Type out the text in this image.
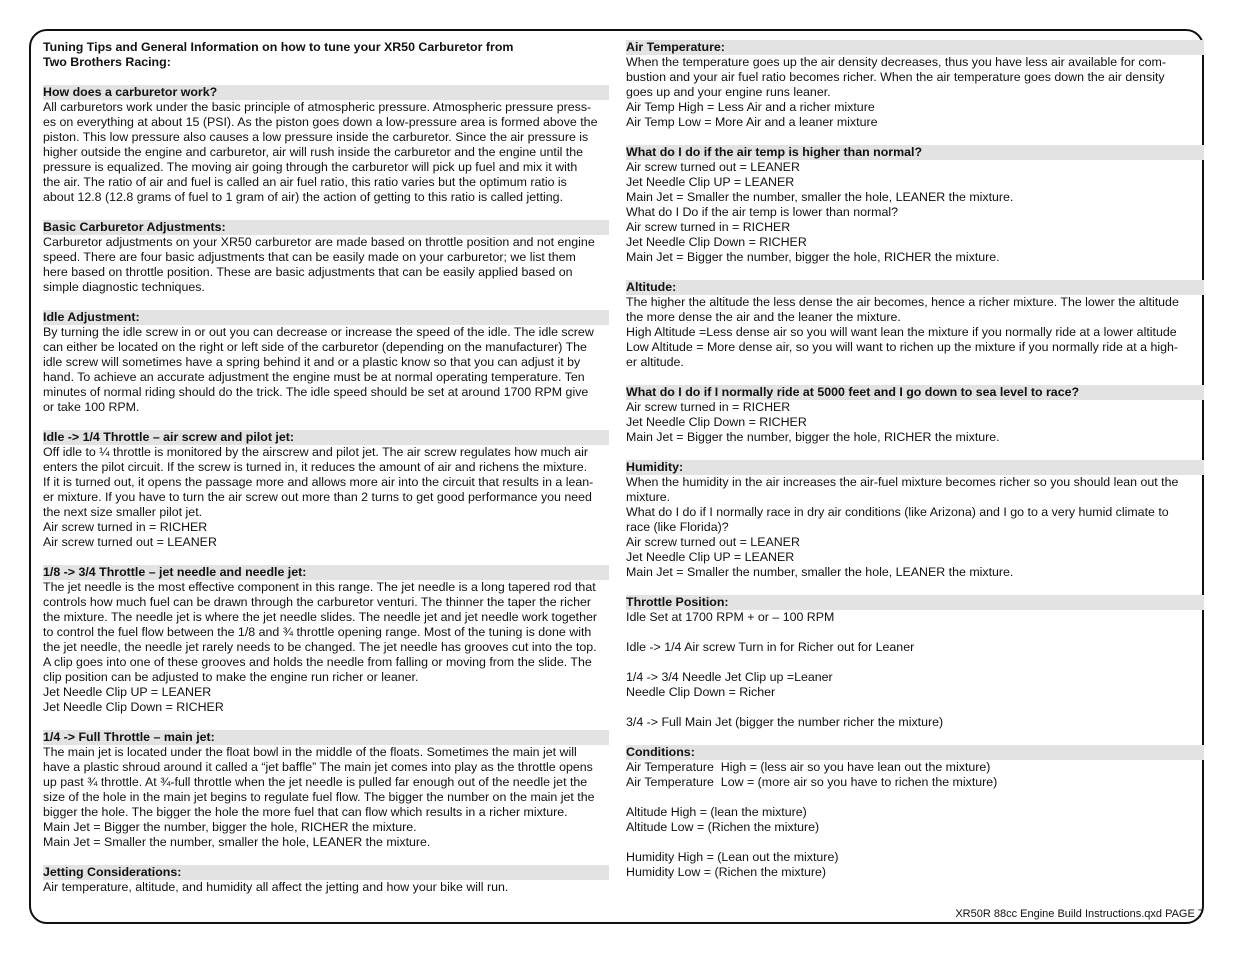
Tuning Tips and General Information on how to tune your XR50 Carburetor from
Two Brothers Racing:
How does a carburetor work?
All carburetors work under the basic principle of atmospheric pressure. Atmospheric pressure press-
es on everything at about 15 (PSI). As the piston goes down a low-pressure area is formed above the
piston. This low pressure also causes a low pressure inside the carburetor. Since the air pressure is
higher outside the engine and carburetor, air will rush inside the carburetor and the engine until the
pressure is equalized. The moving air going through the carburetor will pick up fuel and mix it with
the air. The ratio of air and fuel is called an air fuel ratio, this ratio varies but the optimum ratio is
about 12.8 (12.8 grams of fuel to 1 gram of air) the action of getting to this ratio is called jetting.
Basic Carburetor Adjustments:
Carburetor adjustments on your XR50 carburetor are made based on throttle position and not engine
speed. There are four basic adjustments that can be easily made on your carburetor; we list them
here based on throttle position. These are basic adjustments that can be easily applied based on
simple diagnostic techniques.
Idle Adjustment:
By turning the idle screw in or out you can decrease or increase the speed of the idle. The idle screw
can either be located on the right or left side of the carburetor (depending on the manufacturer) The
idle screw will sometimes have a spring behind it and or a plastic know so that you can adjust it by
hand. To achieve an accurate adjustment the engine must be at normal operating temperature. Ten
minutes of normal riding should do the trick. The idle speed should be set at around 1700 RPM give
or take 100 RPM.
Idle -> 1/4 Throttle – air screw and pilot jet:
Off idle to ¼ throttle is monitored by the airscrew and pilot jet. The air screw regulates how much air
enters the pilot circuit. If the screw is turned in, it reduces the amount of air and richens the mixture.
If it is turned out, it opens the passage more and allows more air into the circuit that results in a lean-
er mixture. If you have to turn the air screw out more than 2 turns to get good performance you need
the next size smaller pilot jet.
Air screw turned in = RICHER
Air screw turned out = LEANER
1/8 -> 3/4 Throttle – jet needle and needle jet:
The jet needle is the most effective component in this range. The jet needle is a long tapered rod that
controls how much fuel can be drawn through the carburetor venturi. The thinner the taper the richer
the mixture. The needle jet is where the jet needle slides. The needle jet and jet needle work together
to control the fuel flow between the 1/8 and ¾ throttle opening range. Most of the tuning is done with
the jet needle, the needle jet rarely needs to be changed. The jet needle has grooves cut into the top.
A clip goes into one of these grooves and holds the needle from falling or moving from the slide. The
clip position can be adjusted to make the engine run richer or leaner.
Jet Needle Clip UP = LEANER
Jet Needle Clip Down = RICHER
1/4 -> Full Throttle – main jet:
The main jet is located under the float bowl in the middle of the floats. Sometimes the main jet will
have a plastic shroud around it called a “jet baffle” The main jet comes into play as the throttle opens
up past ¾ throttle. At ¾-full throttle when the jet needle is pulled far enough out of the needle jet the
size of the hole in the main jet begins to regulate fuel flow. The bigger the number on the main jet the
bigger the hole. The bigger the hole the more fuel that can flow which results in a richer mixture.
Main Jet = Bigger the number, bigger the hole, RICHER the mixture.
Main Jet = Smaller the number, smaller the hole, LEANER the mixture.
Jetting Considerations:
Air temperature, altitude, and humidity all affect the jetting and how your bike will run.
Air Temperature:
When the temperature goes up the air density decreases, thus you have less air available for com-
bustion and your air fuel ratio becomes richer. When the air temperature goes down the air density
goes up and your engine runs leaner.
Air Temp High = Less Air and a richer mixture
Air Temp Low = More Air and a leaner mixture
What do I do if the air temp is higher than normal?
Air screw turned out = LEANER
Jet Needle Clip UP = LEANER
Main Jet = Smaller the number, smaller the hole, LEANER the mixture.
What do I Do if the air temp is lower than normal?
Air screw turned in = RICHER
Jet Needle Clip Down = RICHER
Main Jet = Bigger the number, bigger the hole, RICHER the mixture.
Altitude:
The higher the altitude the less dense the air becomes, hence a richer mixture. The lower the altitude
the more dense the air and the leaner the mixture.
High Altitude =Less dense air so you will want lean the mixture if you normally ride at a lower altitude
Low Altitude = More dense air, so you will want to richen up the mixture if you normally ride at a high-
er altitude.
What do I do if I normally ride at 5000 feet and I go down to sea level to race?
Air screw turned in = RICHER
Jet Needle Clip Down = RICHER
Main Jet = Bigger the number, bigger the hole, RICHER the mixture.
Humidity:
When the humidity in the air increases the air-fuel mixture becomes richer so you should lean out the
mixture.
What do I do if I normally race in dry air conditions (like Arizona) and I go to a very humid climate to
race (like Florida)?
Air screw turned out = LEANER
Jet Needle Clip UP = LEANER
Main Jet = Smaller the number, smaller the hole, LEANER the mixture.
Throttle Position:
Idle Set at 1700 RPM + or – 100 RPM
Idle -> 1/4 Air screw Turn in for Richer out for Leaner
1/4 -> 3/4 Needle Jet Clip up =Leaner
Needle Clip Down = Richer
3/4 -> Full Main Jet (bigger the number richer the mixture)
Conditions:
Air Temperature  High = (less air so you have lean out the mixture)
Air Temperature  Low = (more air so you have to richen the mixture)
Altitude High = (lean the mixture)
Altitude Low = (Richen the mixture)
Humidity High = (Lean out the mixture)
Humidity Low = (Richen the mixture)
XR50R 88cc Engine Build Instructions.qxd PAGE 7
